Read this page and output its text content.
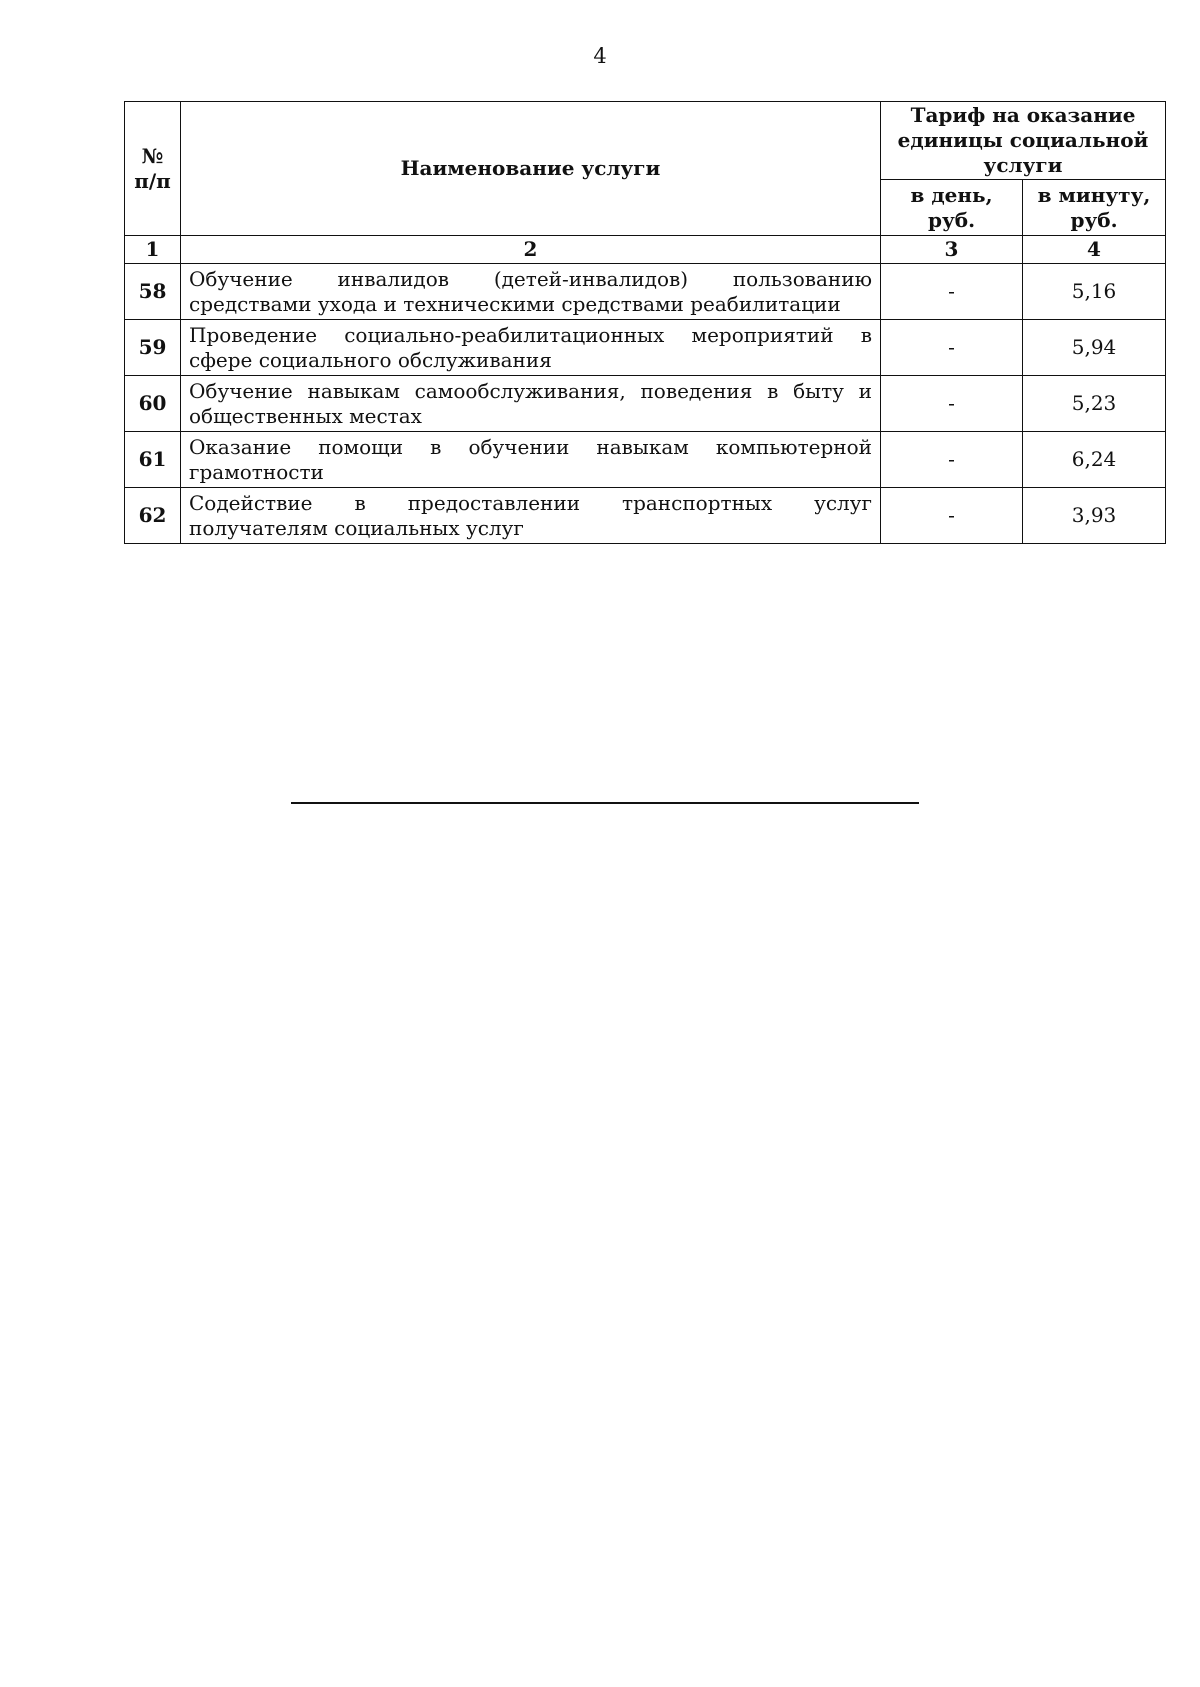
4
№ п/п	Наименование услуги	Тариф на оказание единицы социальной услуги	
		в день, руб.	в минуту, руб.
1	2	3	4
58	Обучение инвалидов (детей-инвалидов) пользованию средствами ухода и техническими средствами реабилитации	-	5,16
59	Проведение социально-реабилитационных мероприятий в сфере социального обслуживания	-	5,94
60	Обучение навыкам самообслуживания, поведения в быту и общественных местах	-	5,23
61	Оказание помощи в обучении навыкам компьютерной грамотности	-	6,24
62	Содействие в предоставлении транспортных услуг получателям социальных услуг	-	3,93
